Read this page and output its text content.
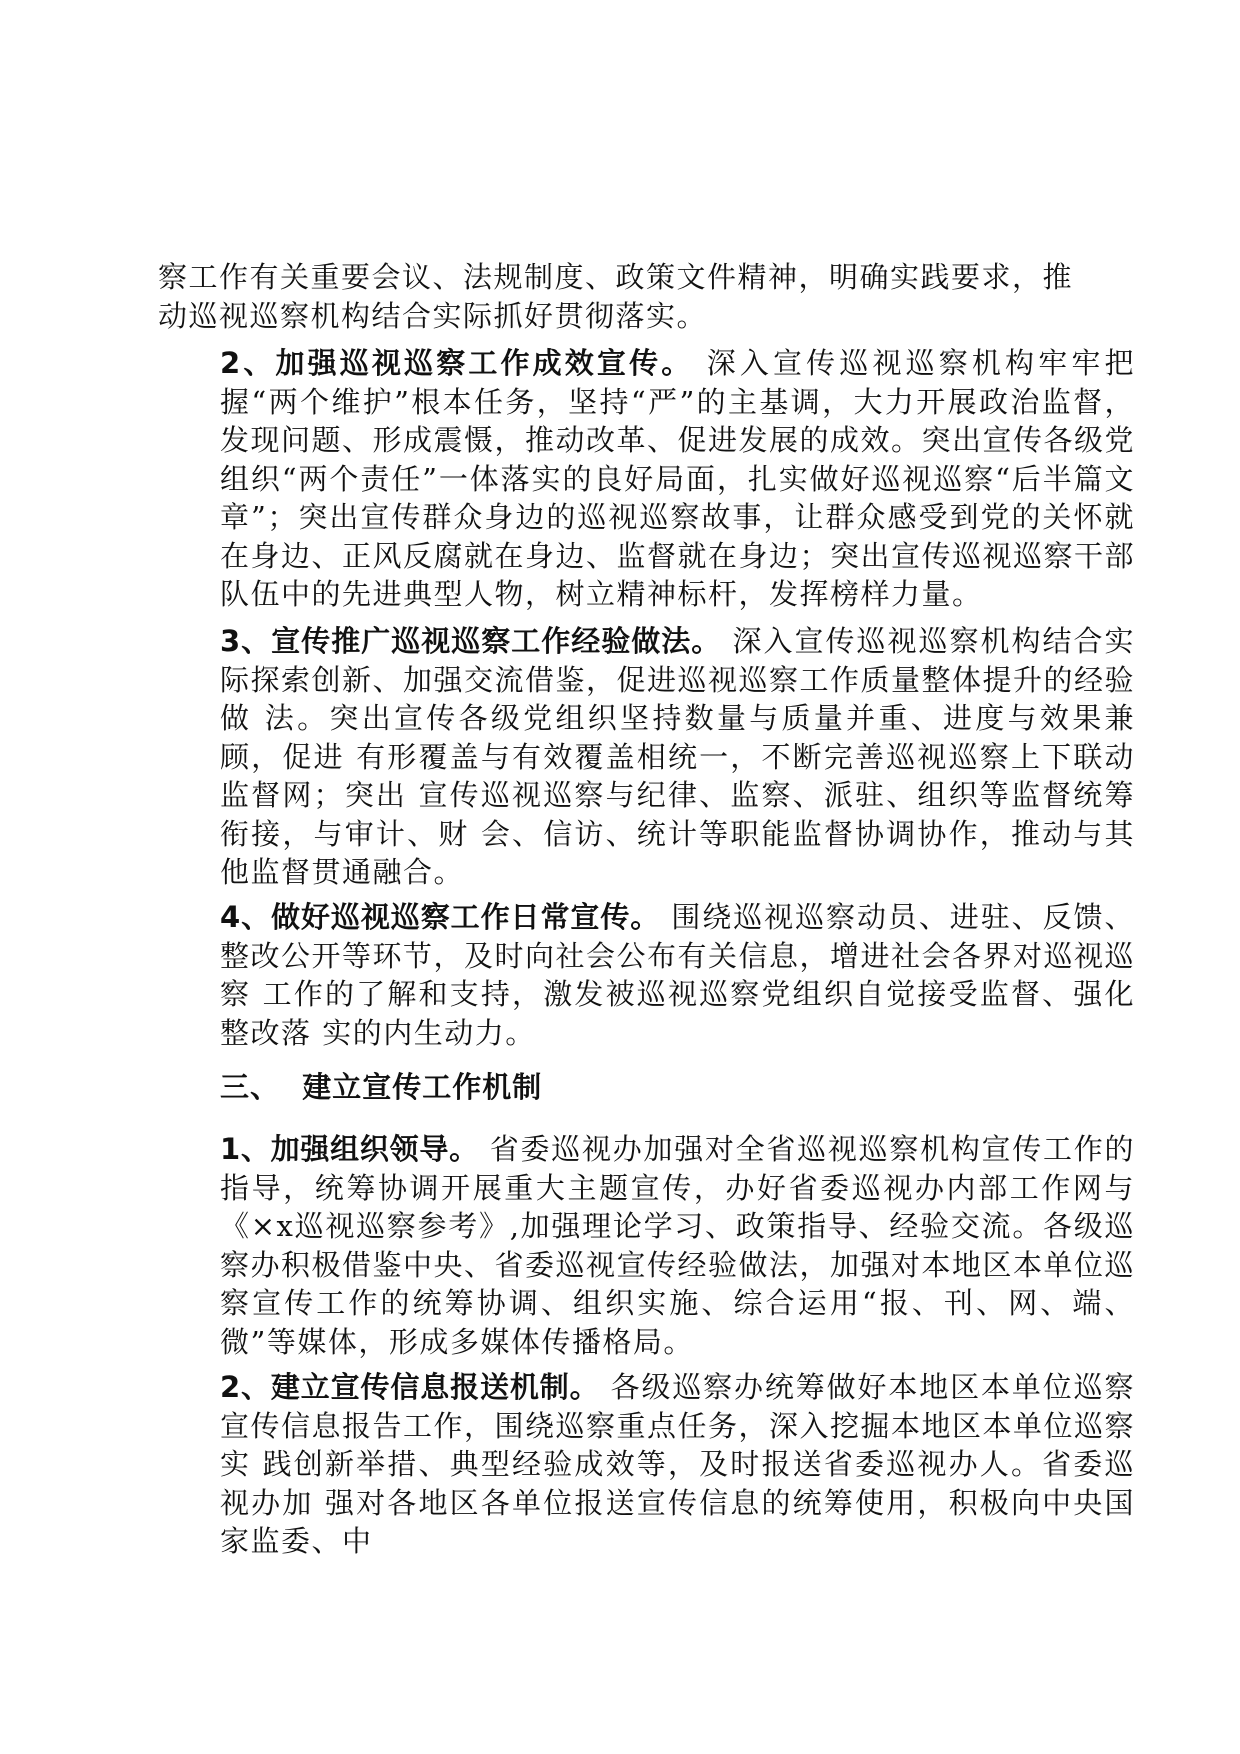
察工作有关重要会议、法规制度、政策文件精神，明确实践要求，推动巡视巡察机构结合实际抓好贯彻落实。

2、加强巡视巡察工作成效宣传。 深入宣传巡视巡察机构牢牢把握“两个维护”根本任务，坚持“严”的主基调，大力开展政治监督，发现问题、形成震慑，推动改革、促进发展的成效。突出宣传各级党组织“两个责任”一体落实的良好局面，扎实做好巡视巡察“后半篇文章”；突出宣传群众身边的巡视巡察故事，让群众感受到党的关怀就在身边、正风反腐就在身边、监督就在身边；突出宣传巡视巡察干部队伍中的先进典型人物，树立精神标杆，发挥榜样力量。

3、宣传推广巡视巡察工作经验做法。 深入宣传巡视巡察机构结合实 际探索创新、加强交流借鉴，促进巡视巡察工作质量整体提升的经验做 法。突出宣传各级党组织坚持数量与质量并重、进度与效果兼顾，促进 有形覆盖与有效覆盖相统一，不断完善巡视巡察上下联动监督网；突出 宣传巡视巡察与纪律、监察、派驻、组织等监督统筹衔接，与审计、财 会、信访、统计等职能监督协调协作，推动与其他监督贯通融合。

4、做好巡视巡察工作日常宣传。 围绕巡视巡察动员、进驻、反馈、 整改公开等环节，及时向社会公布有关信息，增进社会各界对巡视巡察 工作的了解和支持，激发被巡视巡察党组织自觉接受监督、强化整改落 实的内生动力。

三、  建立宣传工作机制

1、加强组织领导。 省委巡视办加强对全省巡视巡察机构宣传工作的指导，统筹协调开展重大主题宣传，办好省委巡视办内部工作网与《×x巡视巡察参考》,加强理论学习、政策指导、经验交流。各级巡察办积极借鉴中央、省委巡视宣传经验做法，加强对本地区本单位巡察宣传工作的统筹协调、组织实施、综合运用“报、刊、网、端、微”等媒体，形成多媒体传播格局。

2、建立宣传信息报送机制。 各级巡察办统筹做好本地区本单位巡察 宣传信息报告工作，围绕巡察重点任务，深入挖掘本地区本单位巡察实 践创新举措、典型经验成效等，及时报送省委巡视办人。省委巡视办加 强对各地区各单位报送宣传信息的统筹使用，积极向中央国家监委、中
